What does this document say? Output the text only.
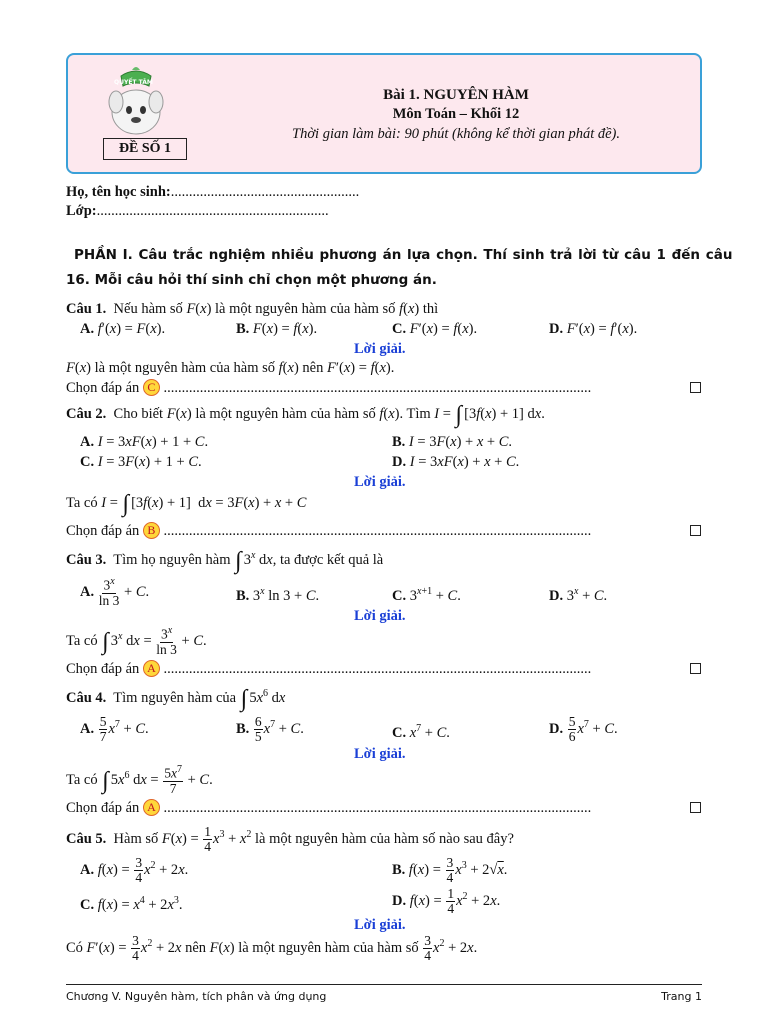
QUYẾT TÂM
ĐỀ SỐ 1
Bài 1. NGUYÊN HÀM
Môn Toán – Khối 12
Thời gian làm bài: 90 phút (không kể thời gian phát đề).
Họ, tên học sinh:....................................................
Lớp:................................................................
PHẦN I. Câu trắc nghiệm nhiều phương án lựa chọn. Thí sinh trả lời từ câu 1 đến câu
16. Mỗi câu hỏi thí sinh chỉ chọn một phương án.
Câu 1.  Nếu hàm số F(x) là một nguyên hàm của hàm số f(x) thì
A. f′(x) = F(x).	B. F(x) = f(x).	C. F′(x) = f(x).	D. F′(x) = f′(x).
Lời giải.
F(x) là một nguyên hàm của hàm số f(x) nên F′(x) = f(x).
Chọn đáp án C ......................................................................................................................
Câu 2.  Cho biết F(x) là một nguyên hàm của hàm số f(x). Tìm I = ∫ [3f(x) + 1] dx.
A. I = 3xF(x) + 1 + C.	B. I = 3F(x) + x + C.
C. I = 3F(x) + 1 + C.	D. I = 3xF(x) + x + C.
Lời giải.
Ta có I = ∫ [3f(x) + 1]  dx = 3F(x) + x + C
Chọn đáp án B ......................................................................................................................
Câu 3.  Tìm họ nguyên hàm ∫ 3$^x$ dx, ta được kết quả là
A. $\frac{3^x}{\ln 3} + C$.	B. 3$^x$ ln 3 + C.	C. $3^{x+1} + C$.	D. $3^x + C$.
Lời giải.
Ta có ∫ 3$^x$ dx = $\frac{3^x}{\ln 3} + C$.
Chọn đáp án A ......................................................................................................................
Câu 4.  Tìm nguyên hàm của ∫ $5x^6$ dx
A. $\frac{5}{7} x^7 + C$.	B. $\frac{6}{5} x^7 + C$.	C. $x^7 + C$.	D. $\frac{5}{6} x^7 + C$.
Lời giải.
Ta có ∫ $5x^6$ dx = $\frac{5x^7}{7} + C$.
Chọn đáp án A ......................................................................................................................
Câu 5.  Hàm số $F(x) = \frac{1}{4} x^3 + x^2$ là một nguyên hàm của hàm số nào sau đây?
A. $f(x) = \frac{3}{4} x^2 + 2x$.	B. $f(x) = \frac{3}{4} x^3 + 2√x$.
C. $f(x) = x^4 + 2x^3$.	D. $f(x) = \frac{1}{4} x^2 + 2x$.
Lời giải.
Có $F'(x) = \frac{3}{4} x^2 + 2x$ nên F(x) là một nguyên hàm của hàm số $\frac{3}{4} x^2 + 2x$.
Chương V. Nguyên hàm, tích phân và ứng dụng	Trang 1
